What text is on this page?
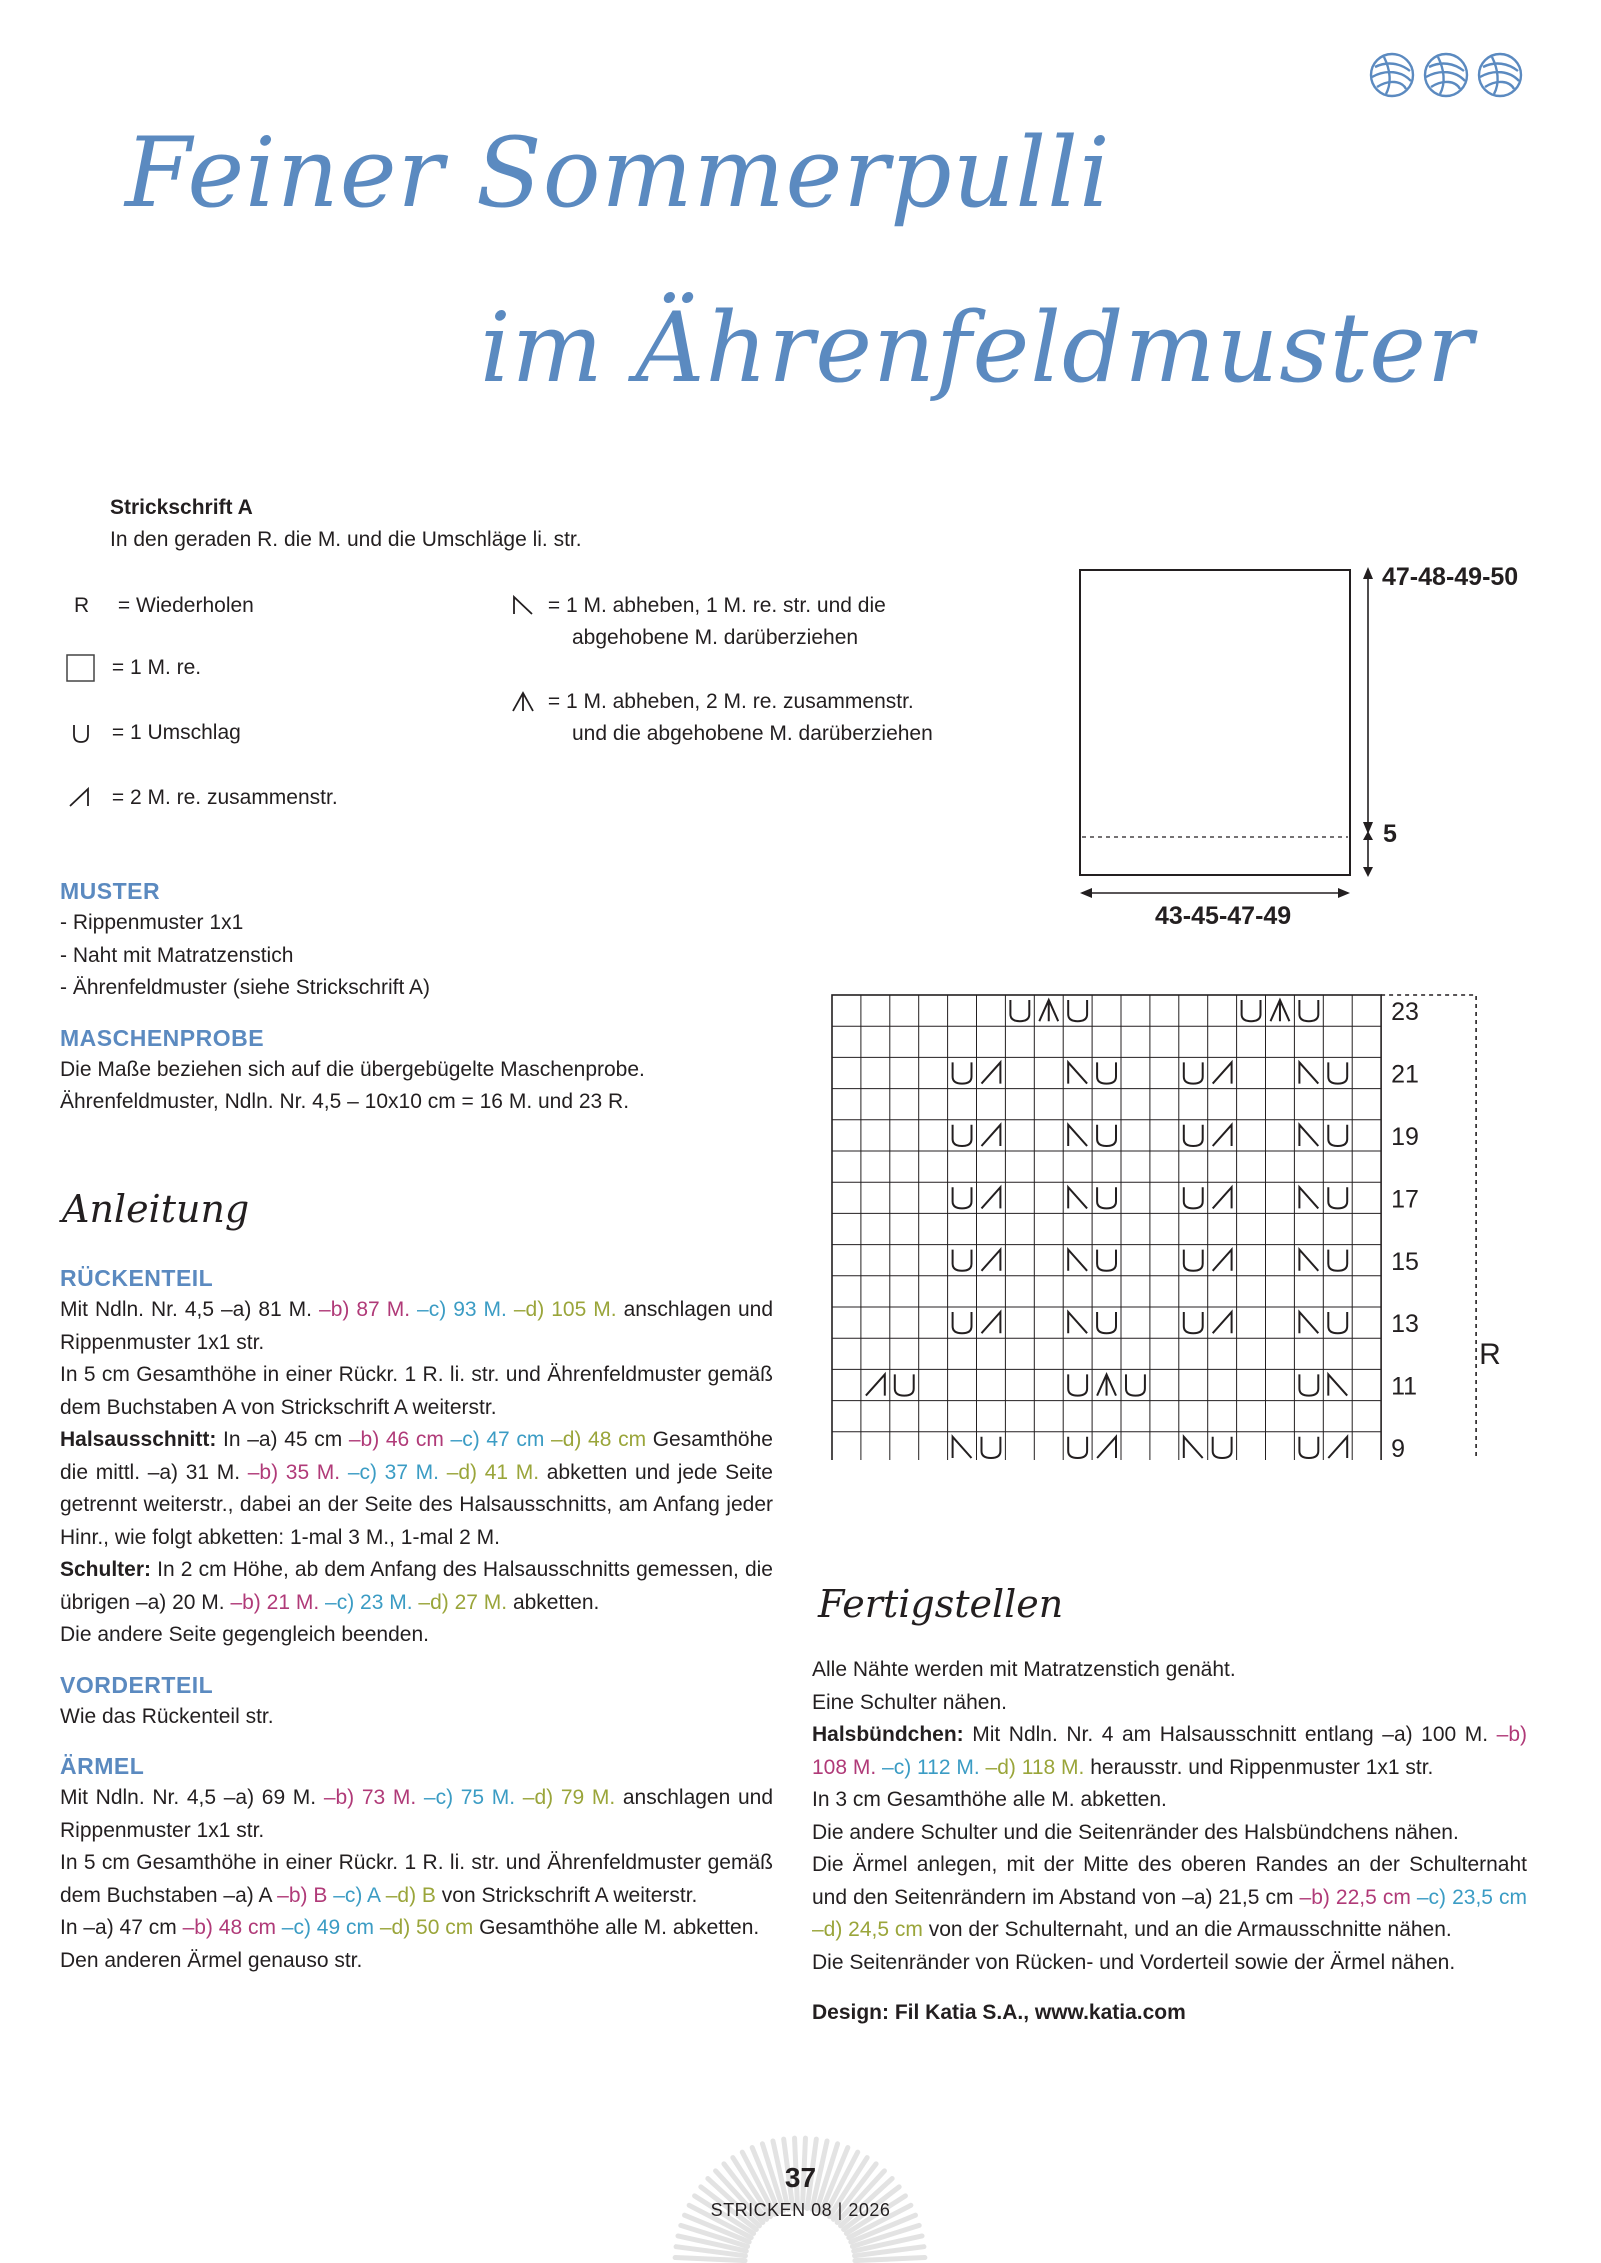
Feiner Sommerpulli
im Ährenfeldmuster
Strickschrift A
In den geraden R. die M. und die Umschläge li. str.
R = Wiederholen
= 1 M. re.
= 1 Umschlag
= 2 M. re. zusammenstr.
= 1 M. abheben, 1 M. re. str. und die
abgehobene M. darüberziehen
= 1 M. abheben, 2 M. re. zusammenstr.
und die abgehobene M. darüberziehen
47-48-49-50
5
43-45-47-49
23
21
19
17
15
13
11
9
R
MUSTER

- Rippenmuster 1x1

- Naht mit Matratzenstich

- Ährenfeldmuster (siehe Strickschrift A)

MASCHENPROBE

Die Maße beziehen sich auf die übergebügelte Maschenprobe.

Ährenfeldmuster, Ndln. Nr. 4,5 – 10x10 cm = 16 M. und 23 R.

Anleitung
RÜCKENTEIL

Mit Ndln. Nr. 4,5 –a) 81 M. –b) 87 M. –c) 93 M. –d) 105 M. anschlagen und Rippenmuster 1x1 str.

In 5 cm Gesamthöhe in einer Rückr. 1 R. li. str. und Ährenfeldmuster gemäß dem Buchstaben A von Strickschrift A weiterstr.

Halsausschnitt: In –a) 45 cm –b) 46 cm –c) 47 cm –d) 48 cm Gesamthöhe die mittl. –a) 31 M. –b) 35 M. –c) 37 M. –d) 41 M. abketten und jede Seite getrennt weiterstr., dabei an der Seite des Halsausschnitts, am Anfang jeder Hinr., wie folgt abketten: 1-mal 3 M., 1-mal 2 M.

Schulter: In 2 cm Höhe, ab dem Anfang des Halsausschnitts gemessen, die übrigen –a) 20 M. –b) 21 M. –c) 23 M. –d) 27 M. abketten.

Die andere Seite gegengleich beenden.

VORDERTEIL

Wie das Rückenteil str.

ÄRMEL

Mit Ndln. Nr. 4,5 –a) 69 M. –b) 73 M. –c) 75 M. –d) 79 M. anschlagen und Rippenmuster 1x1 str.

In 5 cm Gesamthöhe in einer Rückr. 1 R. li. str. und Ährenfeldmuster gemäß dem Buchstaben –a) A –b) B –c) A –d) B von Strickschrift A weiterstr.

In –a) 47 cm –b) 48 cm –c) 49 cm –d) 50 cm Gesamthöhe alle M. abketten.

Den anderen Ärmel genauso str.

Fertigstellen

Alle Nähte werden mit Matratzenstich genäht.

Eine Schulter nähen.

Halsbündchen: Mit Ndln. Nr. 4 am Halsausschnitt entlang –a) 100 M. –b) 108 M. –c) 112 M. –d) 118 M. herausstr. und Rippenmuster 1x1 str.

In 3 cm Gesamthöhe alle M. abketten.

Die andere Schulter und die Seitenränder des Halsbündchens nähen.

Die Ärmel anlegen, mit der Mitte des oberen Randes an der Schulternaht und den Seitenrändern im Abstand von –a) 21,5 cm –b) 22,5 cm –c) 23,5 cm –d) 24,5 cm von der Schulternaht, und an die Armausschnitte nähen.

Die Seitenränder von Rücken- und Vorderteil sowie der Ärmel nähen.

Design: Fil Katia S.A., www.katia.com

37
STRICKEN 08 | 2026
